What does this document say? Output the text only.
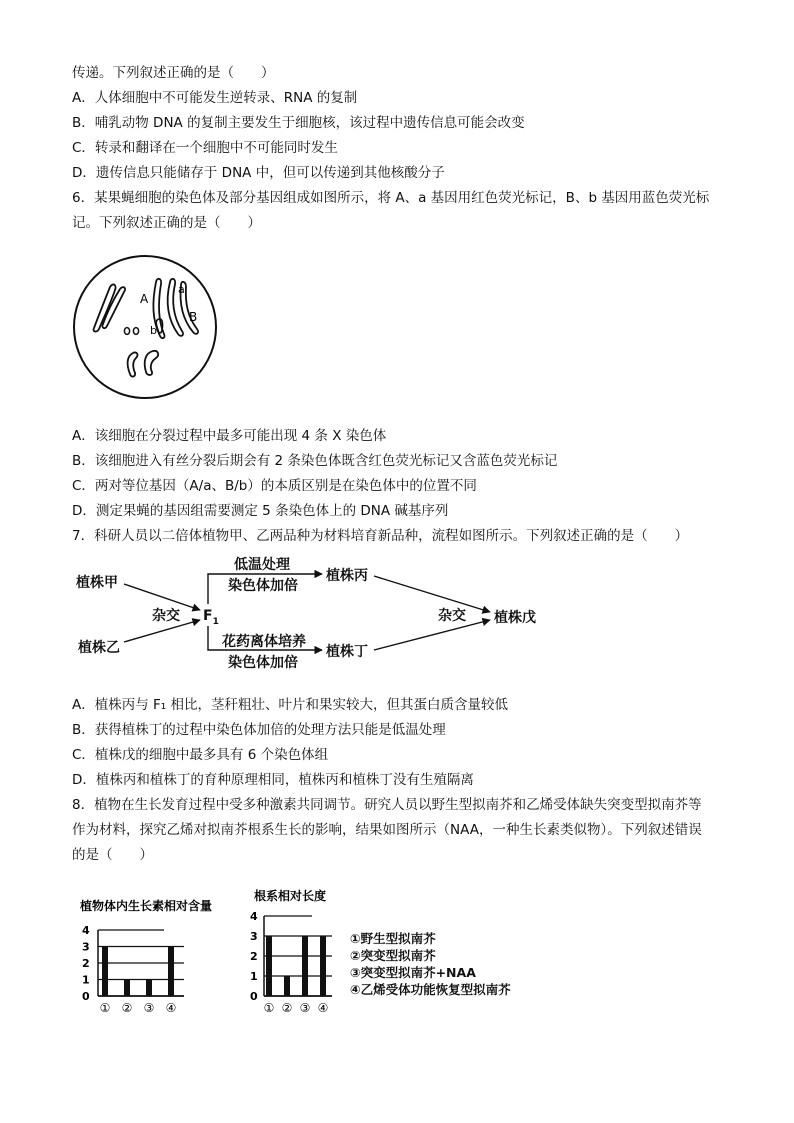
传递。下列叙述正确的是（　　）
A．人体细胞中不可能发生逆转录、RNA 的复制
B．哺乳动物 DNA 的复制主要发生于细胞核，该过程中遗传信息可能会改变
C．转录和翻译在一个细胞中不可能同时发生
D．遗传信息只能储存于 DNA 中，但可以传递到其他核酸分子
6．某果蝇细胞的染色体及部分基因组成如图所示，将 A、a 基因用红色荧光标记，B、b 基因用蓝色荧光标
记。下列叙述正确的是（　　）
A
a
B
b
A．该细胞在分裂过程中最多可能出现 4 条 X 染色体
B．该细胞进入有丝分裂后期会有 2 条染色体既含红色荧光标记又含蓝色荧光标记
C．两对等位基因（A/a、B/b）的本质区别是在染色体中的位置不同
D．测定果蝇的基因组需要测定 5 条染色体上的 DNA 碱基序列
7．科研人员以二倍体植物甲、乙两品种为材料培育新品种，流程如图所示。下列叙述正确的是（　　）
植株甲
植株乙
杂交 $F_1$
低温处理
染色体加倍
植株丙
花药离体培养
染色体加倍
植株丁
杂交 植株戊
A．植株丙与 F₁ 相比，茎秆粗壮、叶片和果实较大，但其蛋白质含量较低
B．获得植株丁的过程中染色体加倍的处理方法只能是低温处理
C．植株戊的细胞中最多具有 6 个染色体组
D．植株丙和植株丁的育种原理相同，植株丙和植株丁没有生殖隔离
8．植物在生长发育过程中受多种激素共同调节。研究人员以野生型拟南芥和乙烯受体缺失突变型拟南芥等
作为材料，探究乙烯对拟南芥根系生长的影响，结果如图所示（NAA，一种生长素类似物）。下列叙述错误
的是（　　）
植物体内生长素相对含量
0
1
2
3
4
① ② ③ ④
根系相对长度
0
1
2
3
4
① ② ③ ④
①野生型拟南芥
②突变型拟南芥
③突变型拟南芥+NAA
④乙烯受体功能恢复型拟南芥
